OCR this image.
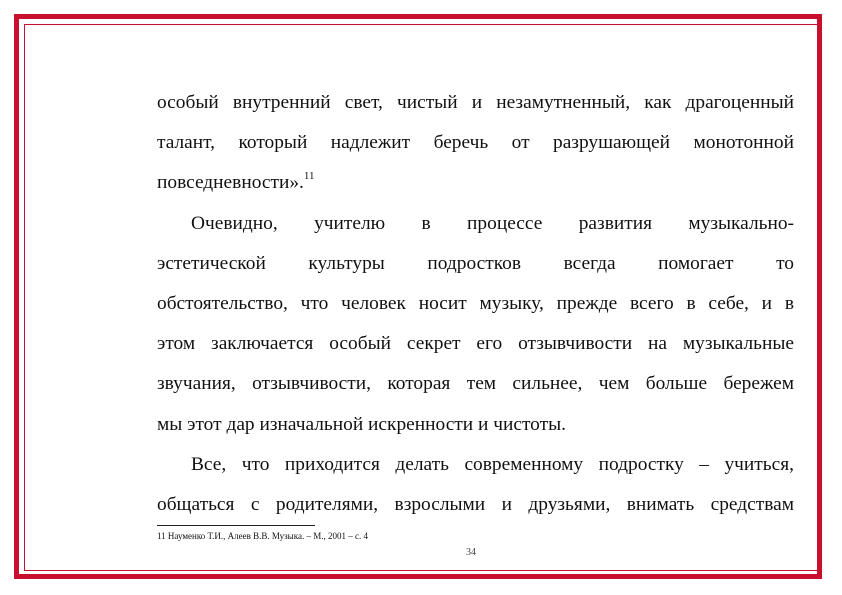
особый внутренний свет, чистый и незамутненный, как драгоценный
талант, который надлежит беречь от разрушающей монотонной
повседневности».$^{11}$
Очевидно, учителю в процессе развития музыкально-
эстетической культуры подростков всегда помогает то
обстоятельство, что человек носит музыку, прежде всего в себе, и в
этом заключается особый секрет его отзывчивости на музыкальные
звучания, отзывчивости, которая тем сильнее, чем больше бережем
мы этот дар изначальной искренности и чистоты.
Все, что приходится делать современному подростку – учиться,
общаться с родителями, взрослыми и друзьями, внимать средствам
11 Науменко Т.И., Алеев В.В. Музыка. – М., 2001 – с. 4
34
